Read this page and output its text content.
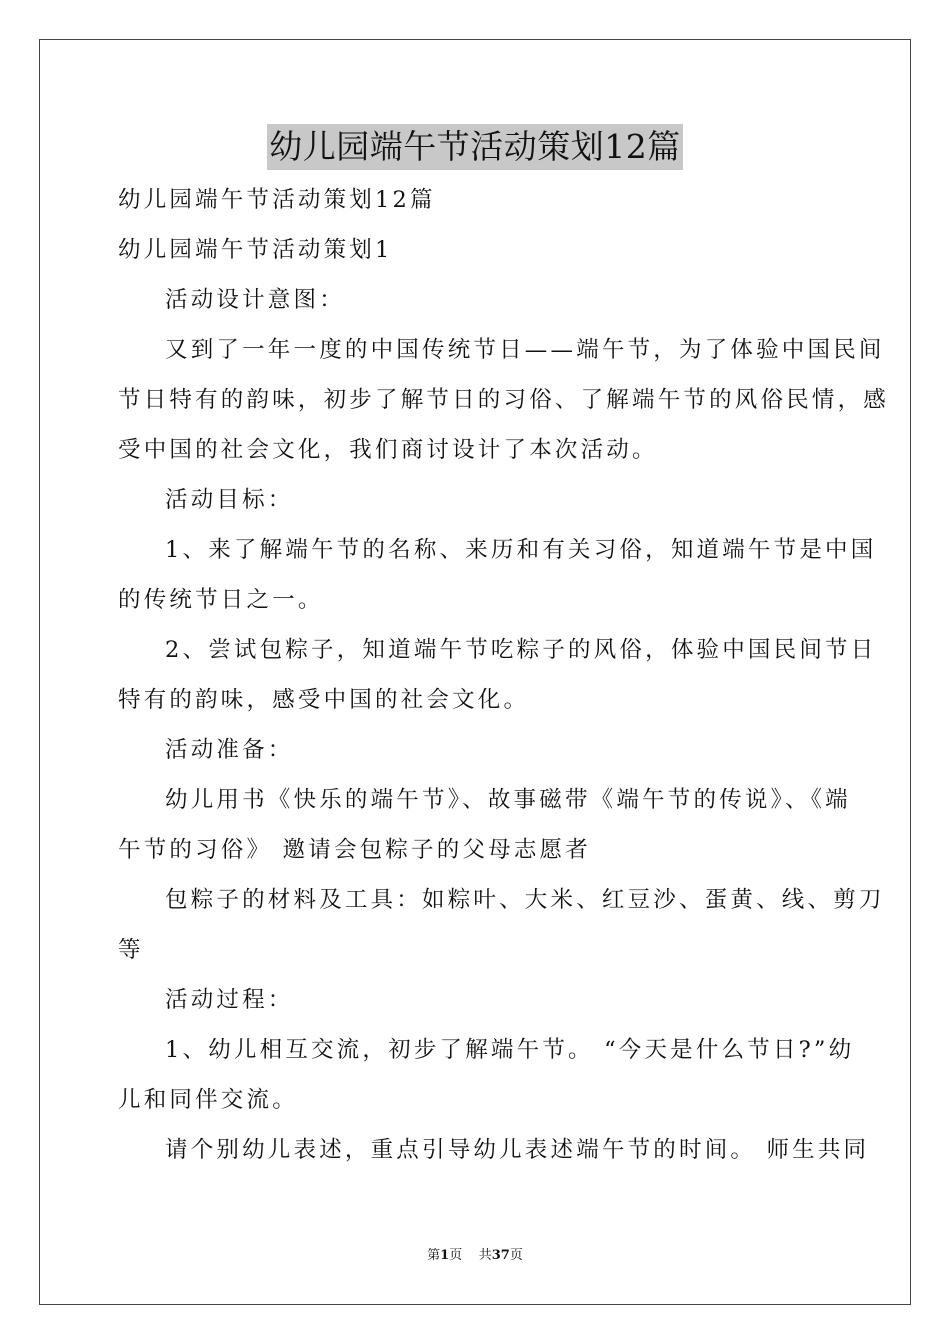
幼儿园端午节活动策划12篇
幼儿园端午节活动策划12篇
幼儿园端午节活动策划1
活动设计意图：
又到了一年一度的中国传统节日——端午节，为了体验中国民间
节日特有的韵味，初步了解节日的习俗、了解端午节的风俗民情，感
受中国的社会文化，我们商讨设计了本次活动。
活动目标：
1、来了解端午节的名称、来历和有关习俗，知道端午节是中国
的传统节日之一。
2、尝试包粽子，知道端午节吃粽子的风俗，体验中国民间节日
特有的韵味，感受中国的社会文化。
活动准备：
幼儿用书《快乐的端午节》、故事磁带《端午节的传说》、《端
午节的习俗》 邀请会包粽子的父母志愿者
包粽子的材料及工具：如粽叶、大米、红豆沙、蛋黄、线、剪刀
等
活动过程：
1、幼儿相互交流，初步了解端午节。 “今天是什么节日?”幼
儿和同伴交流。
请个别幼儿表述，重点引导幼儿表述端午节的时间。 师生共同
第1页 共37页
